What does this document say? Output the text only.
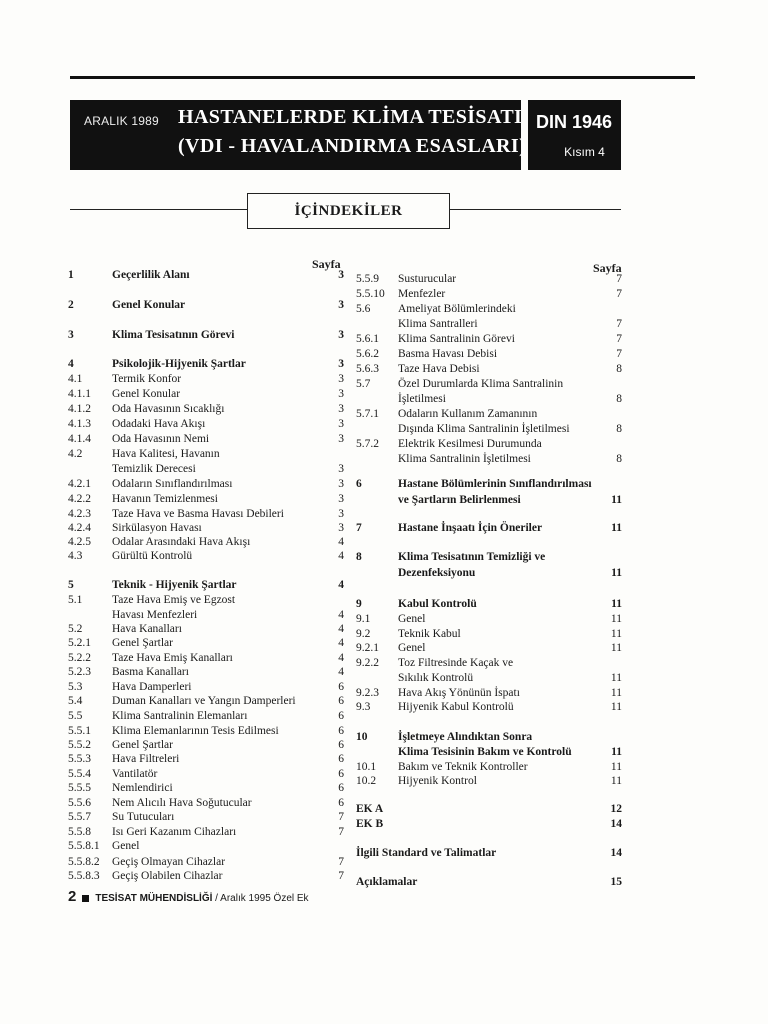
ARALIK 1989 HASTANELERDE KLİMA TESİSATI
(VDI - HAVALANDIRMA ESASLARI)
DIN 1946
Kısım 4
İÇİNDEKİLER
Sayfa	Sayfa
1	Geçerlilik Alanı	3
2	Genel Konular	3
3	Klima Tesisatının Görevi	3
4	Psikolojik-Hijyenik Şartlar	3
4.1	Termik Konfor	3
4.1.1 Genel Konular	3
4.1.2 Oda Havasının Sıcaklığı	3
4.1.3 Odadaki Hava Akışı	3
4.1.4 Oda Havasının Nemi	3
4.2	Hava Kalitesi, Havanın
Temizlik Derecesi	3
4.2.1 Odaların Sınıflandırılması	3
4.2.2 Havanın Temizlenmesi	3
4.2.3 Taze Hava ve Basma Havası Debileri	3
4.2.4 Sirkülasyon Havası	3
4.2.5 Odalar Arasındaki Hava Akışı	4
4.3	Gürültü Kontrolü	4
5	Teknik - Hijyenik Şartlar	4
5.1	Taze Hava Emiş ve Egzost
Havası Menfezleri	4
5.2	Hava Kanalları	4
5.2.1 Genel Şartlar	4
5.2.2 Taze Hava Emiş Kanalları	4
5.2.3 Basma Kanalları	4
5.3	Hava Damperleri	6
5.4	Duman Kanalları ve Yangın Damperleri	6
5.5	Klima Santralinin Elemanları	6
5.5.1 Klima Elemanlarının Tesis Edilmesi	6
5.5.2 Genel Şartlar	6
5.5.3 Hava Filtreleri	6
5.5.4 Vantilatör	6
5.5.5 Nemlendirici	6
5.5.6 Nem Alıcılı Hava Soğutucular	6
5.5.7 Su Tutucuları	7
5.5.8 Isı Geri Kazanım Cihazları	7
5.5.8.1 Genel
5.5.8.2 Geçiş Olmayan Cihazlar	7
5.5.8.3 Geçiş Olabilen Cihazlar	7
5.5.9 Susturucular	7
5.5.10 Menfezler	7
5.6 Ameliyat Bölümlerindeki
Klima Santralleri	7
5.6.1 Klima Santralinin Görevi	7
5.6.2 Basma Havası Debisi	7
5.6.3 Taze Hava Debisi	8
5.7 Özel Durumlarda Klima Santralinin
İşletilmesi	8
5.7.1 Odaların Kullanım Zamanının
Dışında Klima Santralinin İşletilmesi	8
5.7.2 Elektrik Kesilmesi Durumunda
Klima Santralinin İşletilmesi	8
6	Hastane Bölümlerinin Sınıflandırılması
ve Şartların Belirlenmesi	11
7	Hastane İnşaatı İçin Öneriler	11
8	Klima Tesisatının Temizliği ve
Dezenfeksiyonu	11
9	Kabul Kontrolü	11
9.1 Genel	11
9.2 Teknik Kabul	11
9.2.1 Genel	11
9.2.2 Toz Filtresinde Kaçak ve
Sıkılık Kontrolü	11
9.2.3 Hava Akış Yönünün İspatı	11
9.3 Hijyenik Kabul Kontrolü	11
10	İşletmeye Alındıktan Sonra
Klima Tesisinin Bakım ve Kontrolü	11
10.1 Bakım ve Teknik Kontroller	11
10.2 Hijyenik Kontrol	11
EK A	12
EK B	14
İlgili Standard ve Talimatlar	14
Açıklamalar	15
2 TESİSAT MÜHENDİSLİĞİ / Aralık 1995 Özel Ek
